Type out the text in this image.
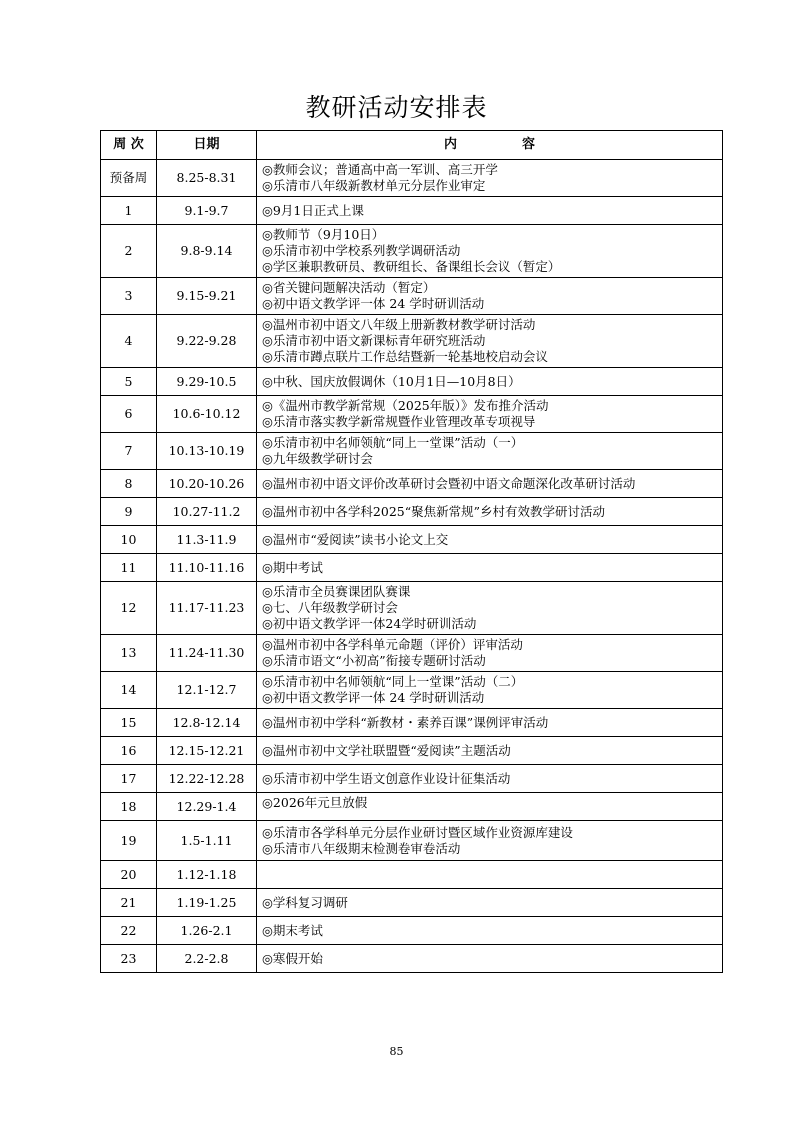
教研活动安排表
周 次	日期	内　　　　　容
预备周	8.25-8.31	◎教师会议；普通高中高一军训、高三开学
◎乐清市八年级新教材单元分层作业审定

1	9.1-9.7	◎9月1日正式上课

2	9.8-9.14	◎教师节（9月10日）
◎乐清市初中学校系列教学调研活动
◎学区兼职教研员、教研组长、备课组长会议（暂定）

3	9.15-9.21	◎省关键问题解决活动（暂定）
◎初中语文教学评一体 24 学时研训活动

4	9.22-9.28	◎温州市初中语文八年级上册新教材教学研讨活动
◎乐清市初中语文新课标青年研究班活动
◎乐清市蹲点联片工作总结暨新一轮基地校启动会议

5	9.29-10.5	◎中秋、国庆放假调休（10月1日—10月8日）

6	10.6-10.12	◎《温州市教学新常规（2025年版）》发布推介活动
◎乐清市落实教学新常规暨作业管理改革专项视导

7	10.13-10.19	◎乐清市初中名师领航“同上一堂课”活动（一）
◎九年级教学研讨会

8	10.20-10.26	◎温州市初中语文评价改革研讨会暨初中语文命题深化改革研讨活动

9	10.27-11.2	◎温州市初中各学科2025“聚焦新常规”乡村有效教学研讨活动

10	11.3-11.9	◎温州市“爱阅读”读书小论文上交

11	11.10-11.16	◎期中考试

12	11.17-11.23	◎乐清市全员赛课团队赛课
◎七、八年级教学研讨会
◎初中语文教学评一体24学时研训活动

13	11.24-11.30	◎温州市初中各学科单元命题（评价）评审活动
◎乐清市语文“小初高”衔接专题研讨活动

14	12.1-12.7	◎乐清市初中名师领航“同上一堂课”活动（二）
◎初中语文教学评一体 24 学时研训活动

15	12.8-12.14	◎温州市初中学科“新教材・素养百课”课例评审活动

16	12.15-12.21	◎温州市初中文学社联盟暨“爱阅读”主题活动

17	12.22-12.28	◎乐清市初中学生语文创意作业设计征集活动

18	12.29-1.4	◎2026年元旦放假

19	1.5-1.11	◎乐清市各学科单元分层作业研讨暨区域作业资源库建设
◎乐清市八年级期末检测卷审卷活动

20	1.12-1.18	
21	1.19-1.25	◎学科复习调研

22	1.26-2.1	◎期末考试

23	2.2-2.8	◎寒假开始
85
